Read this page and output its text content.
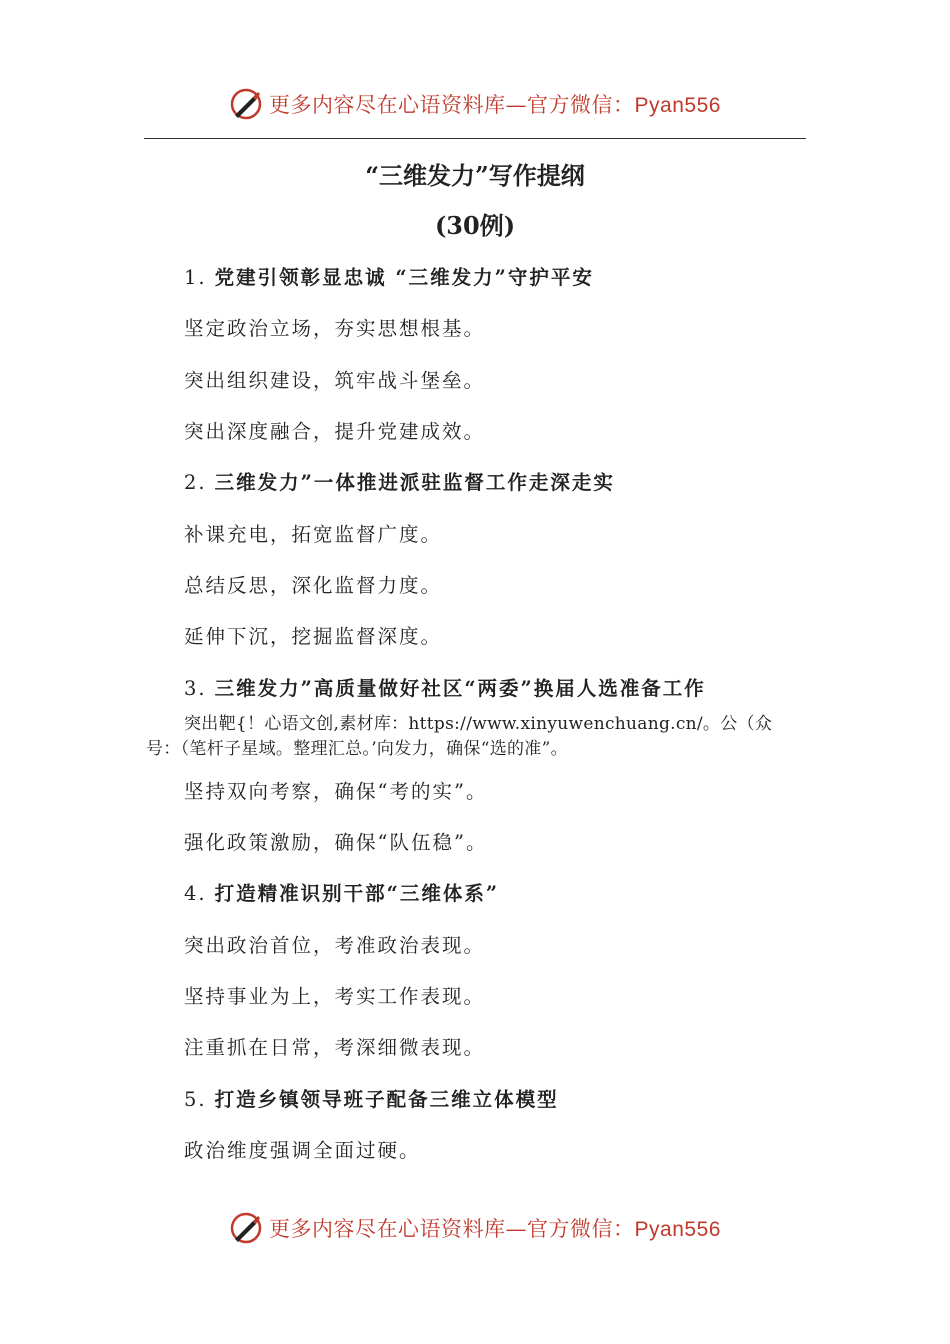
更多内容尽在心语资料库—官方微信：Pyan556
“三维发力”写作提纲
(30例)
1. 党建引领彰显忠诚 “三维发力”守护平安
坚定政治立场，夯实思想根基。
突出组织建设，筑牢战斗堡垒。
突出深度融合，提升党建成效。
2. 三维发力”一体推进派驻监督工作走深走实
补课充电，拓宽监督广度。
总结反思，深化监督力度。
延伸下沉，挖掘监督深度。
3. 三维发力”高质量做好社区“两委”换届人选准备工作
突出靶{！心语文创,素材库：https://www.xinyuwenchuang.cn/。公（众
号：（笔杆子星域。整理汇总。’向发力，确保“选的准”。
坚持双向考察，确保“考的实”。
强化政策激励，确保“队伍稳”。
4. 打造精准识别干部“三维体系”
突出政治首位，考准政治表现。
坚持事业为上，考实工作表现。
注重抓在日常，考深细微表现。
5. 打造乡镇领导班子配备三维立体模型
政治维度强调全面过硬。
更多内容尽在心语资料库—官方微信：Pyan556
